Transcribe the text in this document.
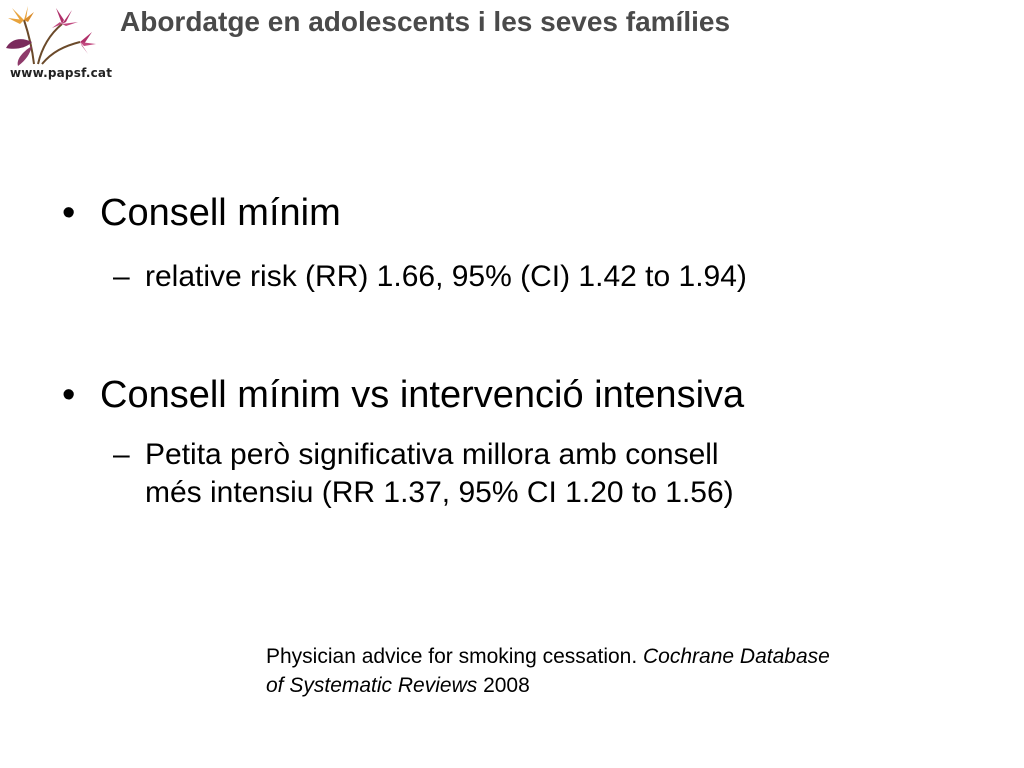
www.papsf.cat
Abordatge en adolescents i les seves famílies
• Consell mínim
– relative risk (RR) 1.66, 95% (CI) 1.42 to 1.94)
• Consell mínim vs intervenció intensiva
– Petita però significativa millora amb consell
més intensiu (RR 1.37, 95% CI 1.20 to 1.56)
Physician advice for smoking cessation. Cochrane Database
of Systematic Reviews 2008
